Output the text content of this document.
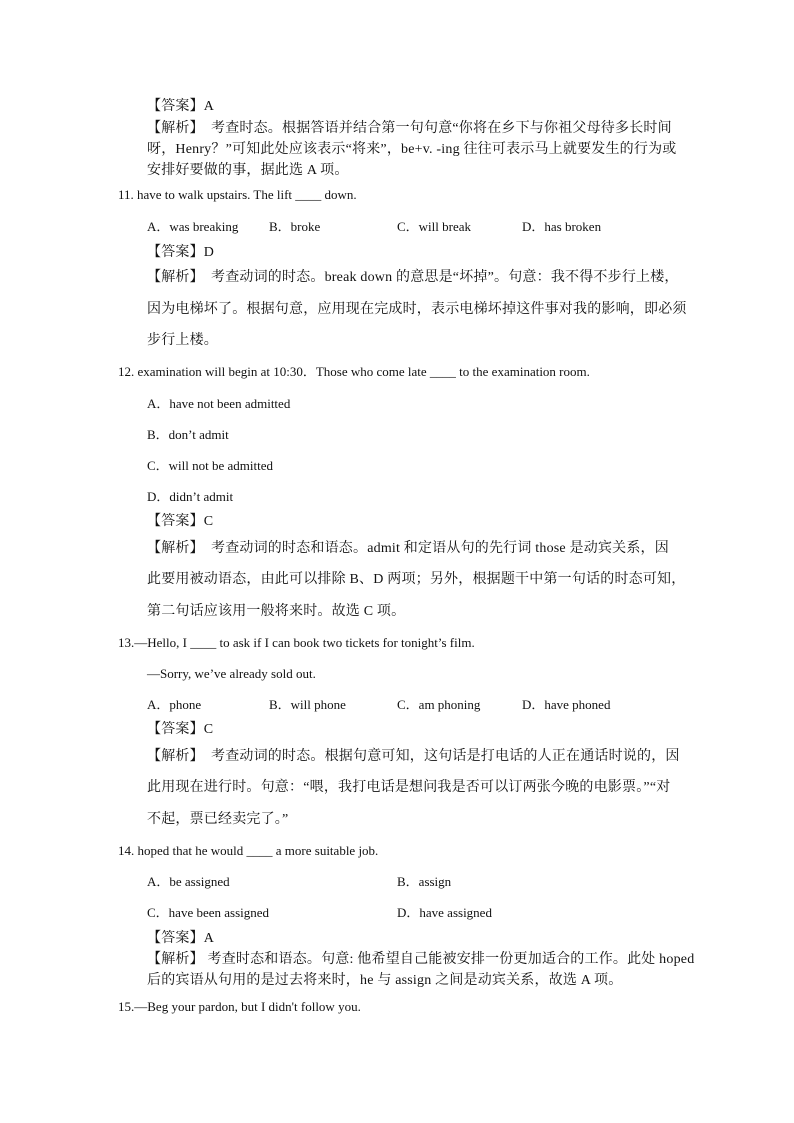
【答案】A
【解析】　考查时态。根据答语并结合第一句句意“你将在乡下与你祖父母待多长时间
呀，Henry？”可知此处应该表示“将来”，be+v. -ing 往往可表示马上就要发生的行为或
安排好要做的事，据此选 A 项。
11. have to walk upstairs. The lift ____ down.
A．was breaking B．broke	C．will break	D．has broken
【答案】D
【解析】　考查动词的时态。break down 的意思是“坏掉”。句意：我不得不步行上楼，
因为电梯坏了。根据句意，应用现在完成时，表示电梯坏掉这件事对我的影响，即必须
步行上楼。
12. examination will begin at 10:30．Those who come late ____ to the examination room.
A．have not been admitted
B．don’t admit
C．will not be admitted
D．didn’t admit
【答案】C
【解析】　考查动词的时态和语态。admit 和定语从句的先行词 those 是动宾关系，因
此要用被动语态，由此可以排除 B、D 两项；另外，根据题干中第一句话的时态可知，
第二句话应该用一般将来时。故选 C 项。
13.—Hello, I ____ to ask if I can book two tickets for tonight’s film.
—Sorry, we’ve already sold out.
A．phone	B．will phone	C．am phoning	D．have phoned
【答案】C
【解析】　考查动词的时态。根据句意可知，这句话是打电话的人正在通话时说的，因
此用现在进行时。句意：“喂，我打电话是想问我是否可以订两张今晚的电影票。”“对
不起，票已经卖完了。”
14. hoped that he would ____ a more suitable job.
A．be assigned	B．assign
C．have been assigned	D．have assigned
【答案】A
【解析】 考查时态和语态。句意: 他希望自己能被安排一份更加适合的工作。此处 hoped
后的宾语从句用的是过去将来时，he 与 assign 之间是动宾关系，故选 A 项。
15.—Beg your pardon, but I didn't follow you.
